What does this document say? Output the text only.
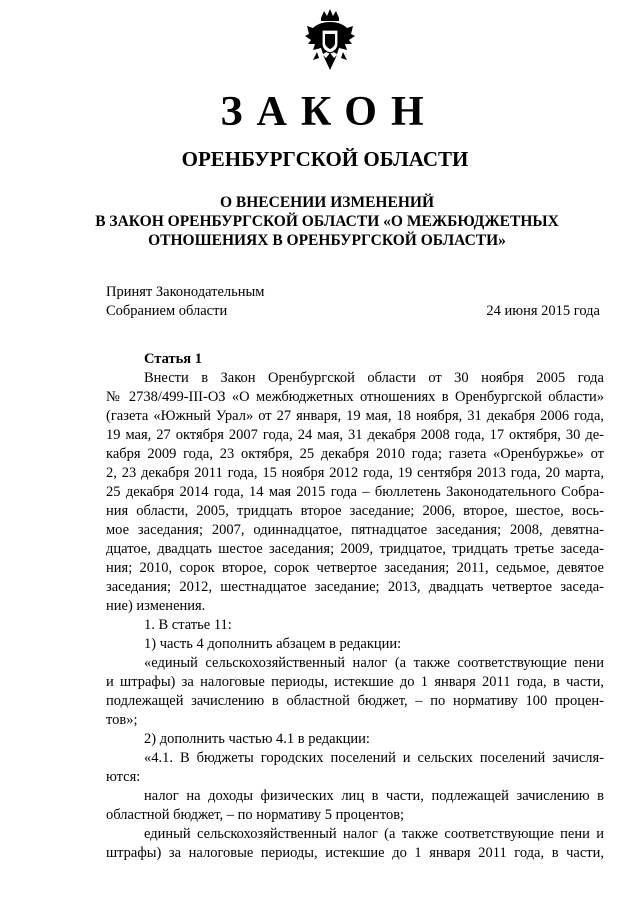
ЗАКОН
ОРЕНБУРГСКОЙ ОБЛАСТИ
О ВНЕСЕНИИ ИЗМЕНЕНИЙ
В ЗАКОН ОРЕНБУРГСКОЙ ОБЛАСТИ «О МЕЖБЮДЖЕТНЫХ
ОТНОШЕНИЯХ В ОРЕНБУРГСКОЙ ОБЛАСТИ»
Принят Законодательным
Собранием области	24 июня 2015 года
Статья 1
Внести в Закон Оренбургской области от 30 ноября 2005 года
№ 2738/499-III-ОЗ «О межбюджетных отношениях в Оренбургской области»
(газета «Южный Урал» от 27 января, 19 мая, 18 ноября, 31 декабря 2006 года,
19 мая, 27 октября 2007 года, 24 мая, 31 декабря 2008 года, 17 октября, 30 де-
кабря 2009 года, 23 октября, 25 декабря 2010 года; газета «Оренбуржье» от
2, 23 декабря 2011 года, 15 ноября 2012 года, 19 сентября 2013 года, 20 марта,
25 декабря 2014 года, 14 мая 2015 года – бюллетень Законодательного Собра-
ния области, 2005, тридцать второе заседание; 2006, второе, шестое, вось-
мое заседания; 2007, одиннадцатое, пятнадцатое заседания; 2008, девятна-
дцатое, двадцать шестое заседания; 2009, тридцатое, тридцать третье заседа-
ния; 2010, сорок второе, сорок четвертое заседания; 2011, седьмое, девятое
заседания; 2012, шестнадцатое заседание; 2013, двадцать четвертое заседа-
ние) изменения.
1. В статье 11:
1) часть 4 дополнить абзацем в редакции:
«единый сельскохозяйственный налог (а также соответствующие пени
и штрафы) за налоговые периоды, истекшие до 1 января 2011 года, в части,
подлежащей зачислению в областной бюджет, – по нормативу 100 процен-
тов»;
2) дополнить частью 4.1 в редакции:
«4.1. В бюджеты городских поселений и сельских поселений зачисля-
ются:
налог на доходы физических лиц в части, подлежащей зачислению в
областной бюджет, – по нормативу 5 процентов;
единый сельскохозяйственный налог (а также соответствующие пени и
штрафы) за налоговые периоды, истекшие до 1 января 2011 года, в части,
